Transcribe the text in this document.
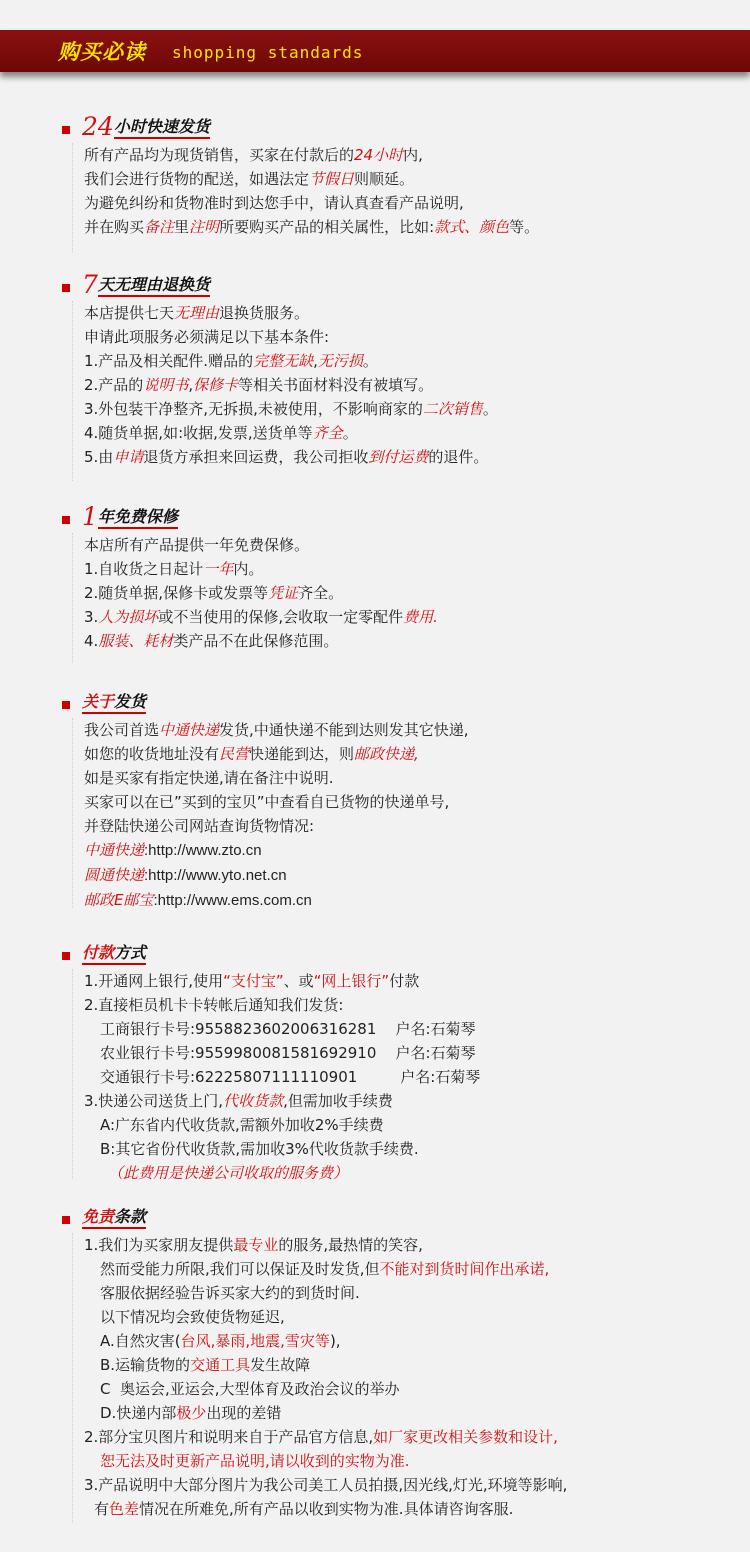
购买必读 shopping standards
24 小时快速发货
所有产品均为现货销售，买家在付款后的24小时内,
我们会进行货物的配送，如遇法定节假日则顺延。
为避免纠纷和货物准时到达您手中，请认真查看产品说明,
并在购买备注里注明所要购买产品的相关属性，比如:款式、颜色等。
7 天无理由退换货
本店提供七天无理由退换货服务。
申请此项服务必须满足以下基本条件:
1.产品及相关配件.赠品的完整无缺,无污损。
2.产品的说明书,保修卡等相关书面材料没有被填写。
3.外包装干净整齐,无拆损,未被使用，不影响商家的二次销售。
4.随货单据,如:收据,发票,送货单等齐全。
5.由申请退货方承担来回运费，我公司拒收到付运费的退件。
1 年免费保修
本店所有产品提供一年免费保修。
1.自收货之日起计一年内。
2.随货单据,保修卡或发票等凭证齐全。
3.人为损坏或不当使用的保修,会收取一定零配件费用.
4.服装、耗材类产品不在此保修范围。
关于发货
我公司首选中通快递发货,中通快递不能到达则发其它快递,
如您的收货地址没有民营快递能到达，则邮政快递,
如是买家有指定快递,请在备注中说明.
买家可以在已”买到的宝贝”中查看自已货物的快递单号,
并登陆快递公司网站查询货物情况:
中通快递:http://www.zto.cn
圆通快递:http://www.yto.net.cn
邮政E邮宝:http://www.ems.com.cn
付款方式
1.开通网上银行,使用“支付宝”、或“网上银行”付款
2.直接柜员机卡卡转帐后通知我们发货:
工商银行卡号:9558823602006316281    户名:石菊琴
农业银行卡号:9559980081581692910    户名:石菊琴
交通银行卡号:62225807111110901         户名:石菊琴
3.快递公司送货上门,代收货款,但需加收手续费
A:广东省内代收货款,需额外加收2%手续费
B:其它省份代收货款,需加收3%代收货款手续费.
（此费用是快递公司收取的服务费）
免责条款
1.我们为买家朋友提供最专业的服务,最热情的笑容,
然而受能力所限,我们可以保证及时发货,但不能对到货时间作出承诺,
客服依据经验告诉买家大约的到货时间.
以下情况均会致使货物延迟,
A.自然灾害(台风,暴雨,地震,雪灾等),
B.运输货物的交通工具发生故障
C  奥运会,亚运会,大型体育及政治会议的举办
D.快递内部极少出现的差错
2.部分宝贝图片和说明来自于产品官方信息,如厂家更改相关参数和设计,
恕无法及时更新产品说明,请以收到的实物为准.
3.产品说明中大部分图片为我公司美工人员拍摄,因光线,灯光,环境等影响,
有色差情况在所难免,所有产品以收到实物为准.具体请咨询客服.
